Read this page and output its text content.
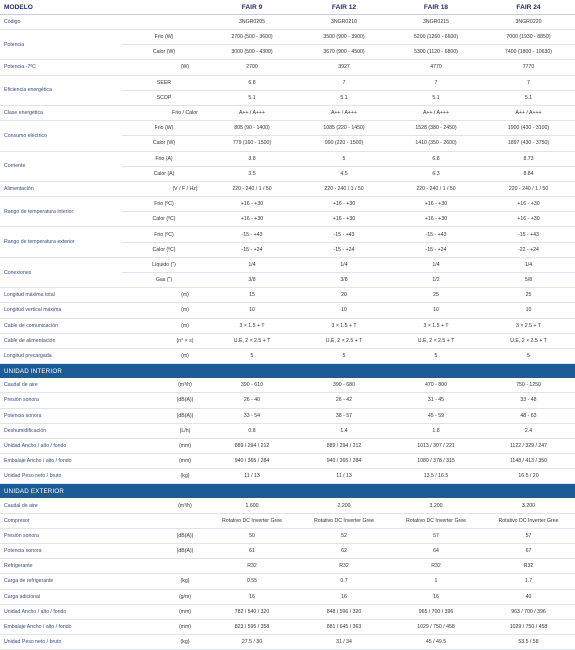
MODELO			FAIR 9	FAIR 12	FAIR 18	FAIR 24
Código			3NGR0205	3NGR0210	3NGR0215	3NGR0220
Potencia	Frio (W)		2700 (500 - 3600)	3500 (900 - 3900)	5200 (1260 - 6600)	7000 (1930 - 8850)
	Calor (W)		3000 (500 - 4300)	3670 (900 - 4500)	5300 (1120 - 6800)	7400 (1800 - 10630)
Potencia -7ºC		(W)	2700	3927	4770	7770
Eficiencia energética	SEER		6.8	7	7	7
	SCOP		5.1	5.1	5.1	5.1
Clase energética		Frio / Calor	A++ / A+++	A++ / A+++	A++ / A+++	A++ / A+++
Consumo eléctrico	Frio (W)		805 (90 - 1400)	1085 (220 - 1450)	1528 (380 - 2450)	1900 (430 - 3100)
	Calor (W)		779 (160 - 1500)	990 (220 - 1500)	1410 (350 - 2600)	1897 (430 - 3750)
Corriente	Frio (A)		3.8	5	6.8	8.73
	Calor (A)		3.5	4.5	6.3	8.84
Alimentación		(V / F / Hz)	220 - 240 / 1 / 50	220 - 240 / 1 / 50	220 - 240 / 1 / 50	220 - 240 / 1 / 50
Rango de temperatura interior	Frio (ºC)		+16 - +30	+16 - +30	+16 - +30	+16 - +30
	Calor (ºC)		+16 - +30	+16 - +30	+16 - +30	+16 - +30
Rango de temperatura exterior	Frio (ºC)		-15 - +43	-15 - +43	-15 - +43	-15 - +43
	Calor (ºC)		-15 - +24	-15 - +24	-15 - +24	-22 - +24
Conexiones	Líquido (")		1/4	1/4	1/4	1/4
	Gas (")		3/8	3/8	1/2	5/8
Longitud máxima total		(m)	15	20	25	25
Longitud vertical máxima		(m)	10	10	10	10
Cable de comunicación		(m)	3 × 1.5 + T	3 × 1.5 + T	3 × 1.5 + T	3 × 2.5 + T
Cable de alimentación		(n° × s)	U.E, 2 × 2.5 + T	U.E, 2 × 2.5 + T	U.E, 2 × 2.5 + T	U.E, 2 × 2.5 + T
Longitud precargada		(m)	5	5	5	5
UNIDAD INTERIOR						
Caudal de aire		(m³/h)	390 - 610	390 - 680	470 - 800	750 - 1250
Presión sonora		(dB(A))	26 - 40	26 - 42	31 - 45	33 - 48
Potencia sonora		(dB(A))	33 - 54	38 - 57	45 - 59	48 - 63
Deshumidificación		(L/h)	0.8	1.4	1.8	2.4
Unidad Ancho / alto / fondo		(mm)	889 / 294 / 212	889 / 294 / 212	1013 / 307 / 221	1122 / 329 / 247
Embalaje Ancho / alto / fondo		(mm)	940 / 365 / 284	940 / 365 / 284	1080 / 378 / 315	1148 / 413 / 350
Unidad Peso neto / bruto		(kg)	11 / 13	11 / 13	13.5 / 16.5	16.5 / 20
UNIDAD EXTERIOR						
Caudal de aire		(m³/h)	1.600	2.200	3.200	3.200
Compresor			Rotativo DC Inverter Gree	Rotativo DC Inverter Gree	Rotativo DC Inverter Gree	Rotativo DC Inverter Gree
Presión sonora		(dB(A))	50	52	57	57
Potencia sonora		(dB(A))	61	62	64	67
Refrigerante			R32	R32	R32	R32
Carga de refrigerante		(kg)	0.55	0.7	1	1.7
Carga adicional		(g/m)	16	16	16	40
Unidad Ancho / alto / fondo		(mm)	782 / 540 / 320	848 / 596 / 320	965 / 700 / 396	963 / 700 / 396
Embalaje Ancho / alto / fondo		(mm)	823 / 595 / 358	881 / 645 / 363	1029 / 750 / 458	1029 / 750 / 458
Unidad Peso neto / bruto		(kg)	27.5 / 30	31 / 34	45 / 49.5	53.5 / 58
